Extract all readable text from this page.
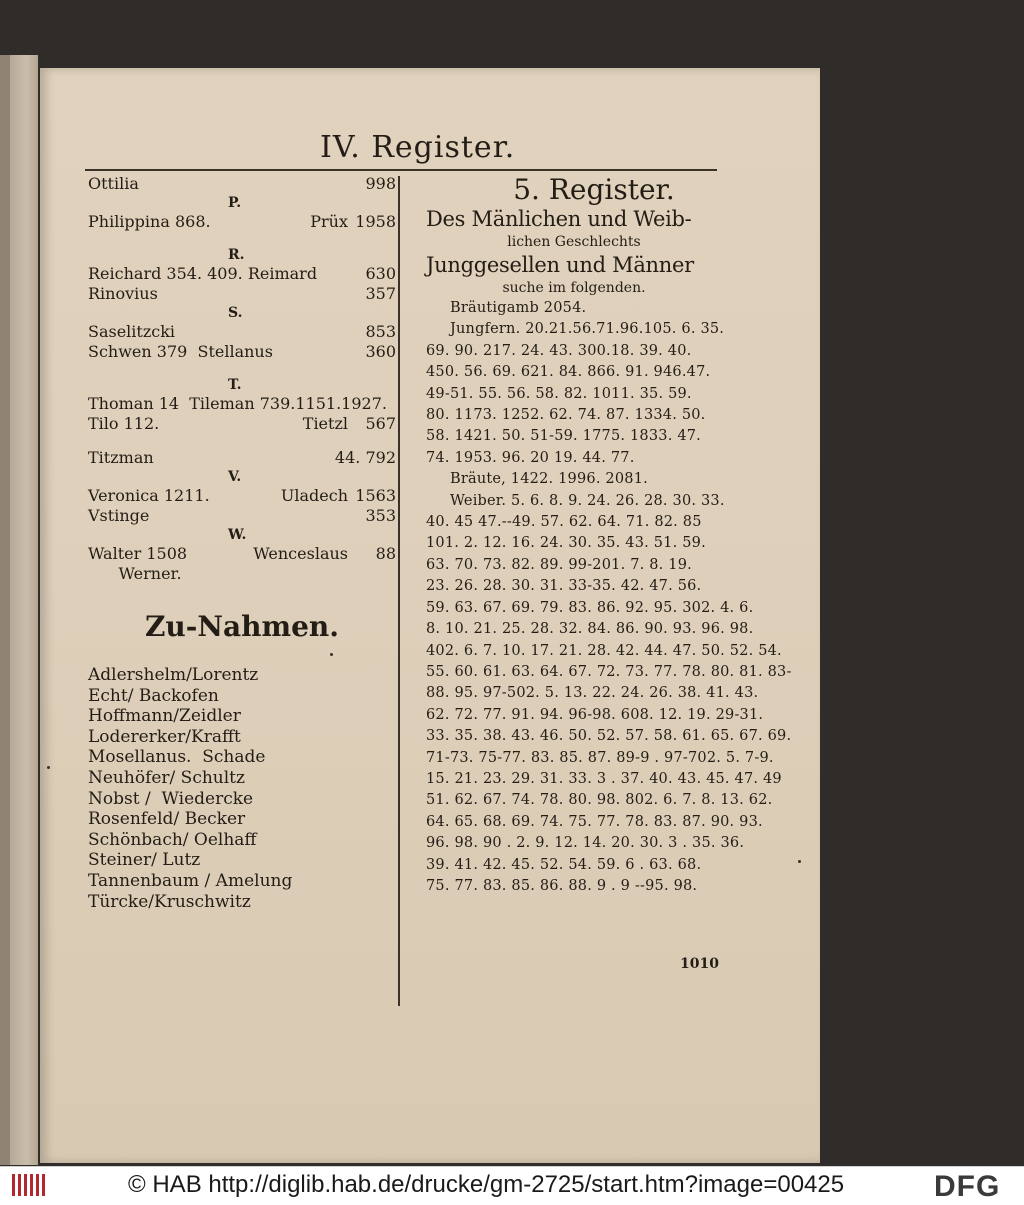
IV. Register.
Ottilia	998
P.
Philippina 868.	Prüx 1958
R.
Reichard 354. 409. Reimard	630
Rinovius	357
S.
Saselitzcki	853
Schwen 379  Stellanus	360
T.
Thoman 14  Tileman 739.1151.1927.
Tilo 112.	Tietzl 567
Titzman	44. 792
V.
Veronica 1211.	Uladech 1563
Vstinge	353
W.
Walter 1508	Wenceslaus 88
Werner.
Zu-Nahmen.
Adlershelm/Lorentz
Echt/ Backofen
Hoffmann/Zeidler
Lodererker/Krafft
Mosellanus.  Schade
Neuhöfer/ Schultz
Nobst /  Wiedercke
Rosenfeld/ Becker
Schönbach/ Oelhaff
Steiner/ Lutz
Tannenbaum / Amelung
Türcke/Kruschwitz
5. Register.
Des Mänlichen und Weib-
lichen Geschlechts
Junggesellen und Männer
suche im folgenden.
Bräutigamb 2054.
Jungfern. 20.21.56.71.96.105. 6. 35.
69. 90. 217. 24. 43. 300.18. 39. 40.
450. 56. 69. 621. 84. 866. 91. 946.47.
49-51. 55. 56. 58. 82. 1011. 35. 59.
80. 1173. 1252. 62. 74. 87. 1334. 50.
58. 1421. 50. 51-59. 1775. 1833. 47.
74. 1953. 96. 20 19. 44. 77.
Bräute, 1422. 1996. 2081.
Weiber. 5. 6. 8. 9. 24. 26. 28. 30. 33.
40. 45 47.--49. 57. 62. 64. 71. 82. 85
101. 2. 12. 16. 24. 30. 35. 43. 51. 59.
63. 70. 73. 82. 89. 99-201. 7. 8. 19.
23. 26. 28. 30. 31. 33-35. 42. 47. 56.
59. 63. 67. 69. 79. 83. 86. 92. 95. 302. 4. 6.
8. 10. 21. 25. 28. 32. 84. 86. 90. 93. 96. 98.
402. 6. 7. 10. 17. 21. 28. 42. 44. 47. 50. 52. 54.
55. 60. 61. 63. 64. 67. 72. 73. 77. 78. 80. 81. 83-
88. 95. 97-502. 5. 13. 22. 24. 26. 38. 41. 43.
62. 72. 77. 91. 94. 96-98. 608. 12. 19. 29-31.
33. 35. 38. 43. 46. 50. 52. 57. 58. 61. 65. 67. 69.
71-73. 75-77. 83. 85. 87. 89-9 . 97-702. 5. 7-9.
15. 21. 23. 29. 31. 33. 3 . 37. 40. 43. 45. 47. 49
51. 62. 67. 74. 78. 80. 98. 802. 6. 7. 8. 13. 62.
64. 65. 68. 69. 74. 75. 77. 78. 83. 87. 90. 93.
96. 98. 90 . 2. 9. 12. 14. 20. 30. 3 . 35. 36.
39. 41. 42. 45. 52. 54. 59. 6 . 63. 68.
75. 77. 83. 85. 86. 88. 9 . 9 --95. 98.
1010
© HAB http://diglib.hab.de/drucke/gm-2725/start.htm?image=00425	DFG
